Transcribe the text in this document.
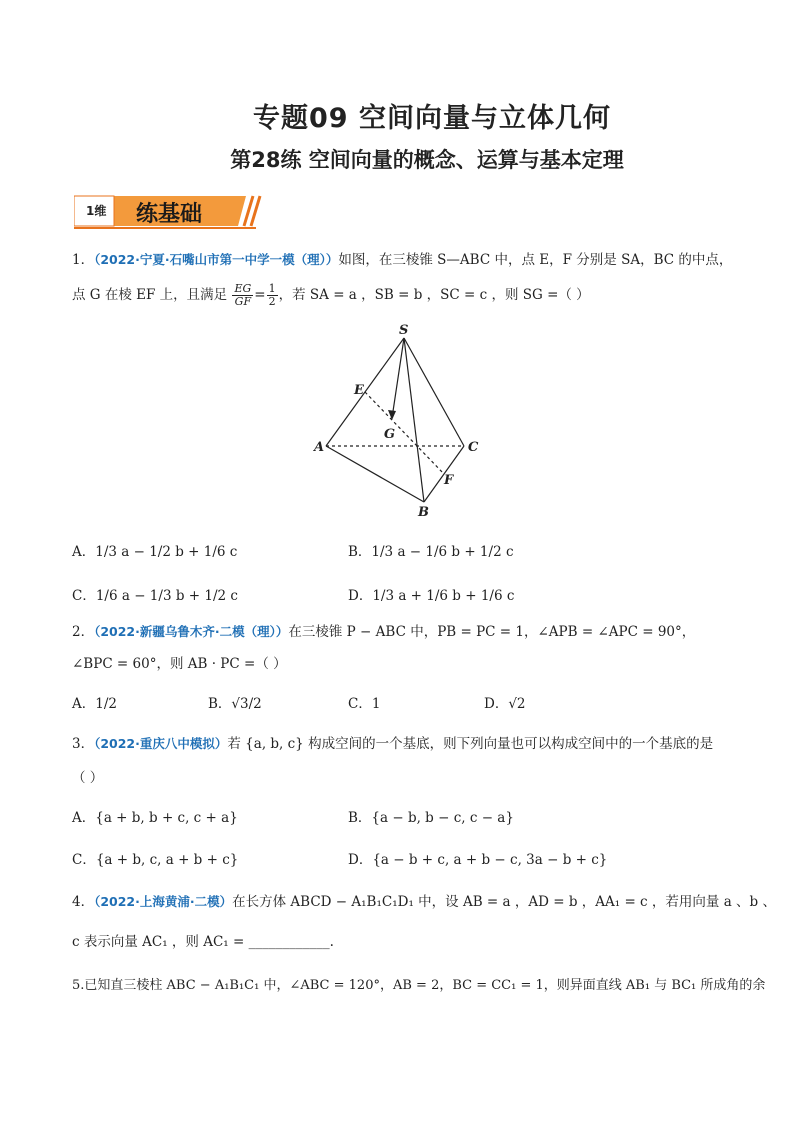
专题09 空间向量与立体几何
第28练 空间向量的概念、运算与基本定理
1维 练基础
1．（2022·宁夏·石嘴山市第一中学一模（理））如图，在三棱锥 S—ABC 中，点 E，F 分别是 SA，BC 的中点，
点 G 在棱 EF 上，且满足 $\frac{EG}{GF} = \frac{1}{2}$ ，若 SA = a ，SB = b ，SC = c ，则 SG =（ ）
S
E
G
A	C
F
B
A．1/3 a − 1/2 b + 1/6 c	B．1/3 a − 1/6 b + 1/2 c
C．1/6 a − 1/3 b + 1/2 c	D．1/3 a + 1/6 b + 1/6 c
2．（2022·新疆乌鲁木齐·二模（理））在三棱锥 P − ABC 中，PB = PC = 1，∠APB = ∠APC = 90°，
∠BPC = 60°，则 AB · PC =（ ）
A．1/2	B．√3/2	C．1	D．√2
3．（2022·重庆八中模拟）若 {a, b, c} 构成空间的一个基底，则下列向量也可以构成空间中的一个基底的是
（ ）
A．{a + b, b + c, c + a}	B．{a − b, b − c, c − a}
C．{a + b, c, a + b + c}	D．{a − b + c, a + b − c, 3a − b + c}
4．（2022·上海黄浦·二模）在长方体 ABCD − A₁B₁C₁D₁ 中，设 AB = a ，AD = b ，AA₁ = c ，若用向量 a 、b 、
c 表示向量 AC₁ ，则 AC₁ = ____________.
5.已知直三棱柱 ABC − A₁B₁C₁ 中，∠ABC = 120°，AB = 2，BC = CC₁ = 1，则异面直线 AB₁ 与 BC₁ 所成角的余
